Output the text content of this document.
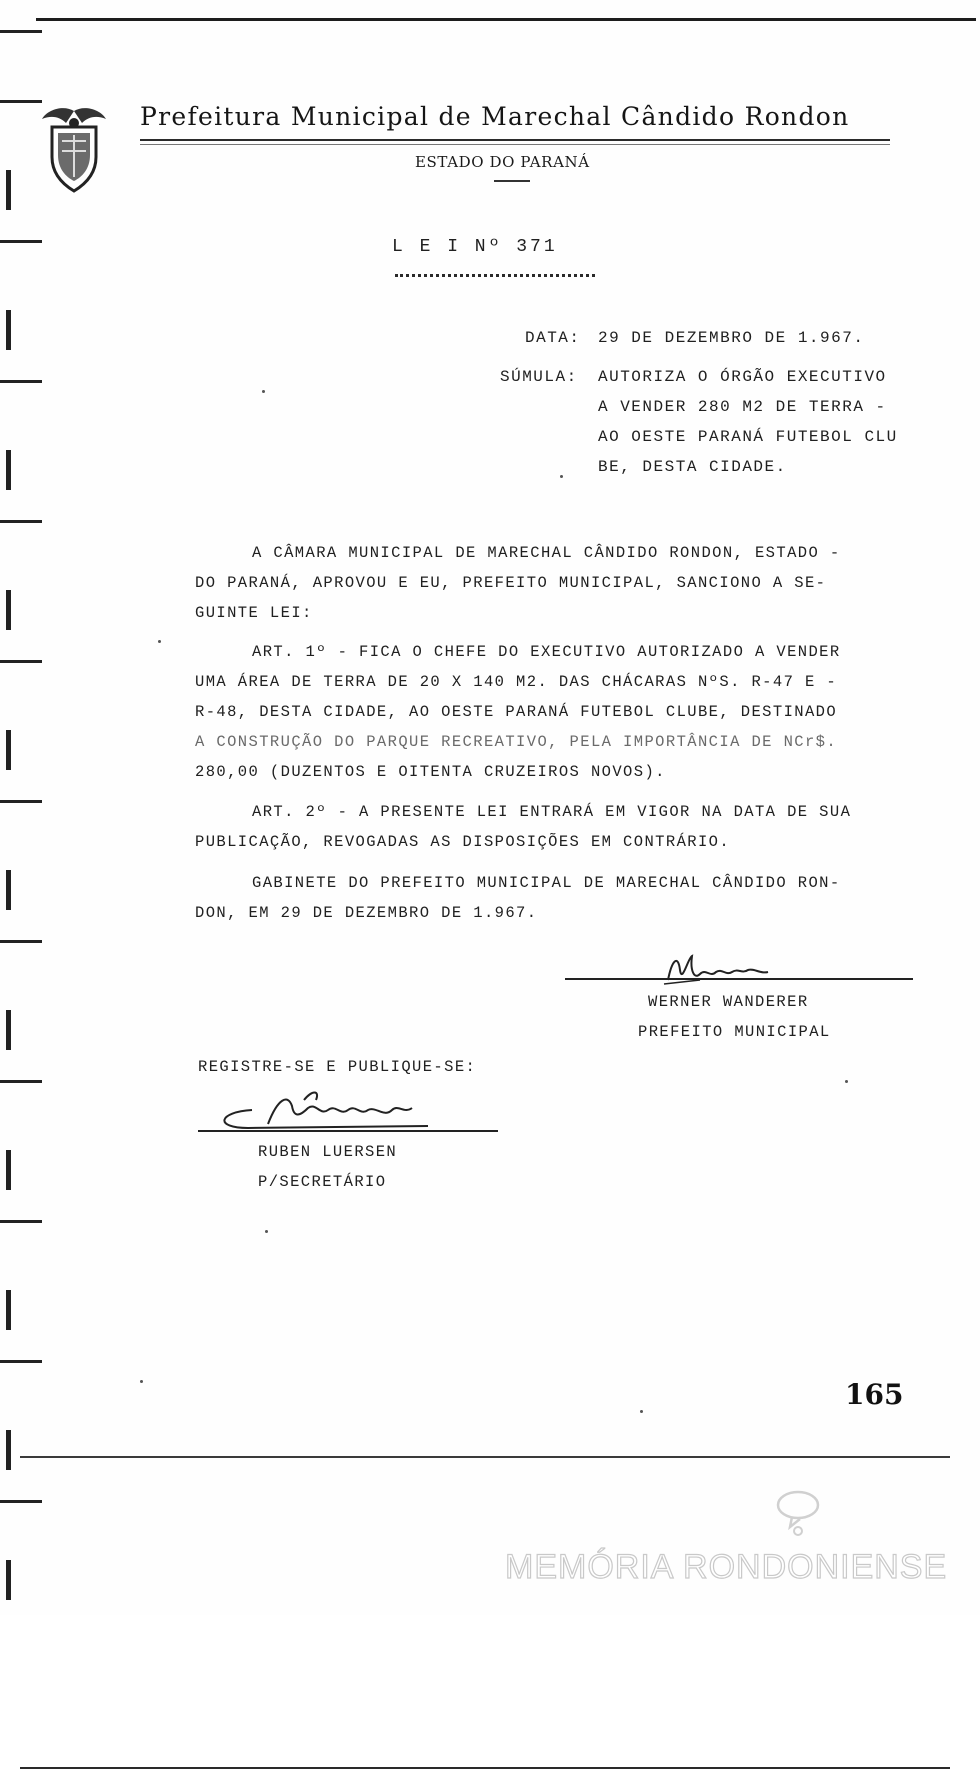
Prefeitura Municipal de Marechal Cândido Rondon
ESTADO DO PARANÁ
L E I Nº 371
DATA: 29 DE DEZEMBRO DE 1.967.
SÚMULA: AUTORIZA O ÓRGÃO EXECUTIVO
A VENDER 280 M2 DE TERRA -
AO OESTE PARANÁ FUTEBOL CLU
BE, DESTA CIDADE.
A CÂMARA MUNICIPAL DE MARECHAL CÂNDIDO RONDON, ESTADO -
DO PARANÁ, APROVOU E EU, PREFEITO MUNICIPAL, SANCIONO A SE-
GUINTE LEI:
ART. 1º - FICA O CHEFE DO EXECUTIVO AUTORIZADO A VENDER
UMA ÁREA DE TERRA DE 20 X 140 M2. DAS CHÁCARAS NºS. R-47 E -
R-48, DESTA CIDADE, AO OESTE PARANÁ FUTEBOL CLUBE, DESTINADO
A CONSTRUÇÃO DO PARQUE RECREATIVO, PELA IMPORTÂNCIA DE NCr$.
280,00 (DUZENTOS E OITENTA CRUZEIROS NOVOS).
ART. 2º - A PRESENTE LEI ENTRARÁ EM VIGOR NA DATA DE SUA
PUBLICAÇÃO, REVOGADAS AS DISPOSIÇÕES EM CONTRÁRIO.
GABINETE DO PREFEITO MUNICIPAL DE MARECHAL CÂNDIDO RON-
DON, EM 29 DE DEZEMBRO DE 1.967.
WERNER WANDERER
PREFEITO MUNICIPAL
REGISTRE-SE E PUBLIQUE-SE:
RUBEN LUERSEN
P/SECRETÁRIO
165
MEMÓRIA RONDONIENSE
